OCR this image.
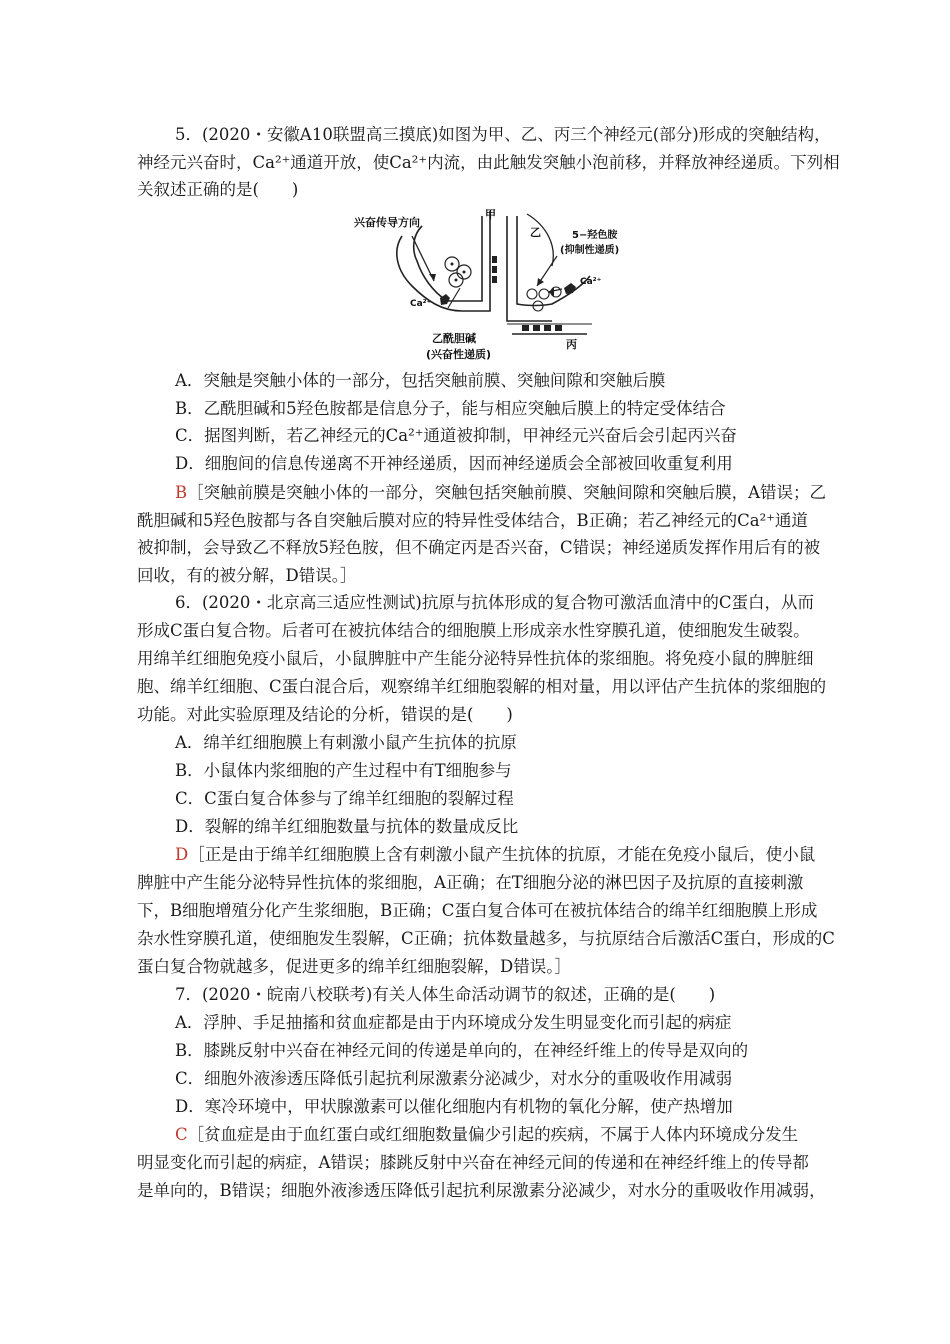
5．(2020・安徽A10联盟高三摸底)如图为甲、乙、丙三个神经元(部分)形成的突触结构，
神经元兴奋时，Ca²⁺通道开放，使Ca²⁺内流，由此触发突触小泡前移，并释放神经递质。下列相
关叙述正确的是(　　)
兴奋传导方向
甲
乙
丙
5−羟色胺
(抑制性递质)
Ca²⁺
Ca²⁺
乙酰胆碱
(兴奋性递质)
A．突触是突触小体的一部分，包括突触前膜、突触间隙和突触后膜
B．乙酰胆碱和5羟色胺都是信息分子，能与相应突触后膜上的特定受体结合
C．据图判断，若乙神经元的Ca²⁺通道被抑制，甲神经元兴奋后会引起丙兴奋
D．细胞间的信息传递离不开神经递质，因而神经递质会全部被回收重复利用
B［突触前膜是突触小体的一部分，突触包括突触前膜、突触间隙和突触后膜，A错误；乙
酰胆碱和5羟色胺都与各自突触后膜对应的特异性受体结合，B正确；若乙神经元的Ca²⁺通道
被抑制，会导致乙不释放5羟色胺，但不确定丙是否兴奋，C错误；神经递质发挥作用后有的被
回收，有的被分解，D错误。］
6．(2020・北京高三适应性测试)抗原与抗体形成的复合物可激活血清中的C蛋白，从而
形成C蛋白复合物。后者可在被抗体结合的细胞膜上形成亲水性穿膜孔道，使细胞发生破裂。
用绵羊红细胞免疫小鼠后，小鼠脾脏中产生能分泌特异性抗体的浆细胞。将免疫小鼠的脾脏细
胞、绵羊红细胞、C蛋白混合后，观察绵羊红细胞裂解的相对量，用以评估产生抗体的浆细胞的
功能。对此实验原理及结论的分析，错误的是(　　)
A．绵羊红细胞膜上有刺激小鼠产生抗体的抗原
B．小鼠体内浆细胞的产生过程中有T细胞参与
C．C蛋白复合体参与了绵羊红细胞的裂解过程
D．裂解的绵羊红细胞数量与抗体的数量成反比
D［正是由于绵羊红细胞膜上含有刺激小鼠产生抗体的抗原，才能在免疫小鼠后，使小鼠
脾脏中产生能分泌特异性抗体的浆细胞，A正确；在T细胞分泌的淋巴因子及抗原的直接刺激
下，B细胞增殖分化产生浆细胞，B正确；C蛋白复合体可在被抗体结合的绵羊红细胞膜上形成
杂水性穿膜孔道，使细胞发生裂解，C正确；抗体数量越多，与抗原结合后激活C蛋白，形成的C
蛋白复合物就越多，促进更多的绵羊红细胞裂解，D错误。］
7．(2020・皖南八校联考)有关人体生命活动调节的叙述，正确的是(　　)
A．浮肿、手足抽搐和贫血症都是由于内环境成分发生明显变化而引起的病症
B．膝跳反射中兴奋在神经元间的传递是单向的，在神经纤维上的传导是双向的
C．细胞外液渗透压降低引起抗利尿激素分泌减少，对水分的重吸收作用减弱
D．寒冷环境中，甲状腺激素可以催化细胞内有机物的氧化分解，使产热增加
C［贫血症是由于血红蛋白或红细胞数量偏少引起的疾病，不属于人体内环境成分发生
明显变化而引起的病症，A错误；膝跳反射中兴奋在神经元间的传递和在神经纤维上的传导都
是单向的，B错误；细胞外液渗透压降低引起抗利尿激素分泌减少，对水分的重吸收作用减弱，
